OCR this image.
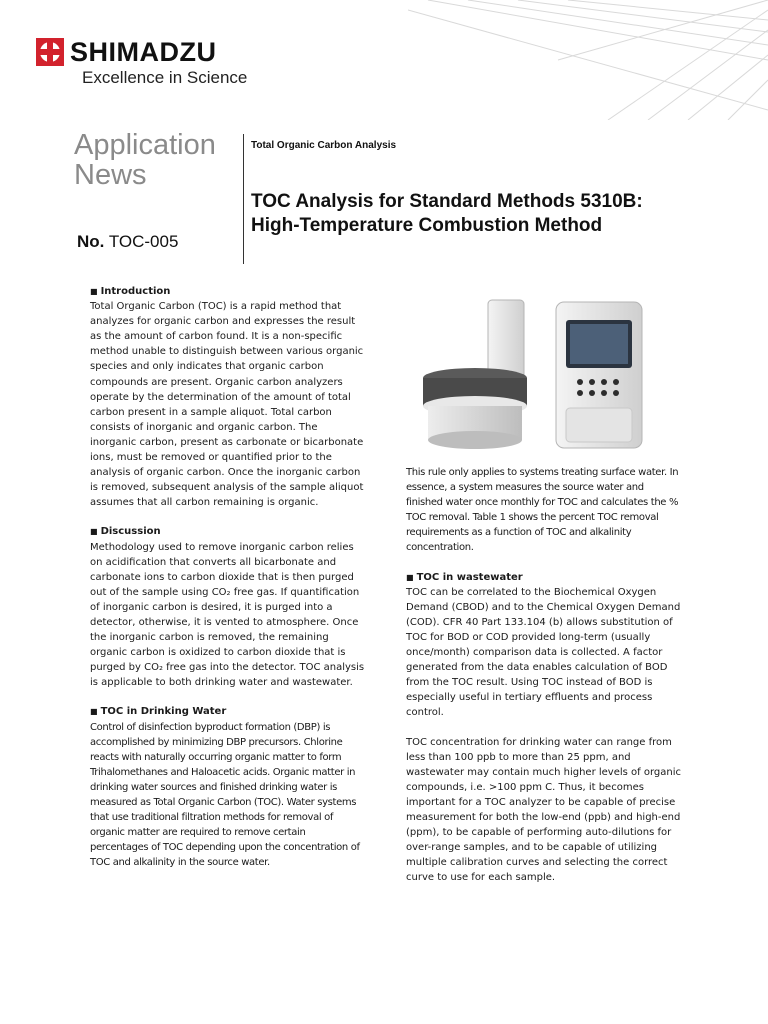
SHIMADZU
Excellence in Science
Application
News
No. TOC-005
Total Organic Carbon Analysis
TOC Analysis for Standard Methods 5310B:
High-Temperature Combustion Method

■ Introduction

Total Organic Carbon (TOC) is a rapid method that analyzes for organic carbon and expresses the result as the amount of carbon found. It is a non-specific method unable to distinguish between various organic species and only indicates that organic carbon compounds are present. Organic carbon analyzers operate by the determination of the amount of total carbon present in a sample aliquot. Total carbon consists of inorganic and organic carbon. The inorganic carbon, present as carbonate or bicarbonate ions, must be removed or quantified prior to the analysis of organic carbon. Once the inorganic carbon is removed, subsequent analysis of the sample aliquot assumes that all carbon remaining is organic.

■ Discussion

Methodology used to remove inorganic carbon relies on acidification that converts all bicarbonate and carbonate ions to carbon dioxide that is then purged out of the sample using CO₂ free gas. If quantification of inorganic carbon is desired, it is purged into a detector, otherwise, it is vented to atmosphere. Once the inorganic carbon is removed, the remaining organic carbon is oxidized to carbon dioxide that is purged by CO₂ free gas into the detector. TOC analysis is applicable to both drinking water and wastewater.

■ TOC in Drinking Water

Control of disinfection byproduct formation (DBP) is accomplished by minimizing DBP precursors. Chlorine reacts with naturally occurring organic matter to form Trihalomethanes and Haloacetic acids. Organic matter in drinking water sources and finished drinking water is measured as Total Organic Carbon (TOC). Water systems that use traditional filtration methods for removal of organic matter are required to remove certain percentages of TOC depending upon the concentration of TOC and alkalinity in the source water.

This rule only applies to systems treating surface water. In essence, a system measures the source water and finished water once monthly for TOC and calculates the % TOC removal. Table 1 shows the percent TOC removal requirements as a function of TOC and alkalinity concentration.

■ TOC in wastewater

TOC can be correlated to the Biochemical Oxygen Demand (CBOD) and to the Chemical Oxygen Demand (COD). CFR 40 Part 133.104 (b) allows substitution of TOC for BOD or COD provided long-term (usually once/month) comparison data is collected. A factor generated from the data enables calculation of BOD from the TOC result. Using TOC instead of BOD is especially useful in tertiary effluents and process control.

TOC concentration for drinking water can range from less than 100 ppb to more than 25 ppm, and wastewater may contain much higher levels of organic compounds, i.e. >100 ppm C. Thus, it becomes important for a TOC analyzer to be capable of precise measurement for both the low-end (ppb) and high-end (ppm), to be capable of performing auto-dilutions for over-range samples, and to be capable of utilizing multiple calibration curves and selecting the correct curve to use for each sample.
